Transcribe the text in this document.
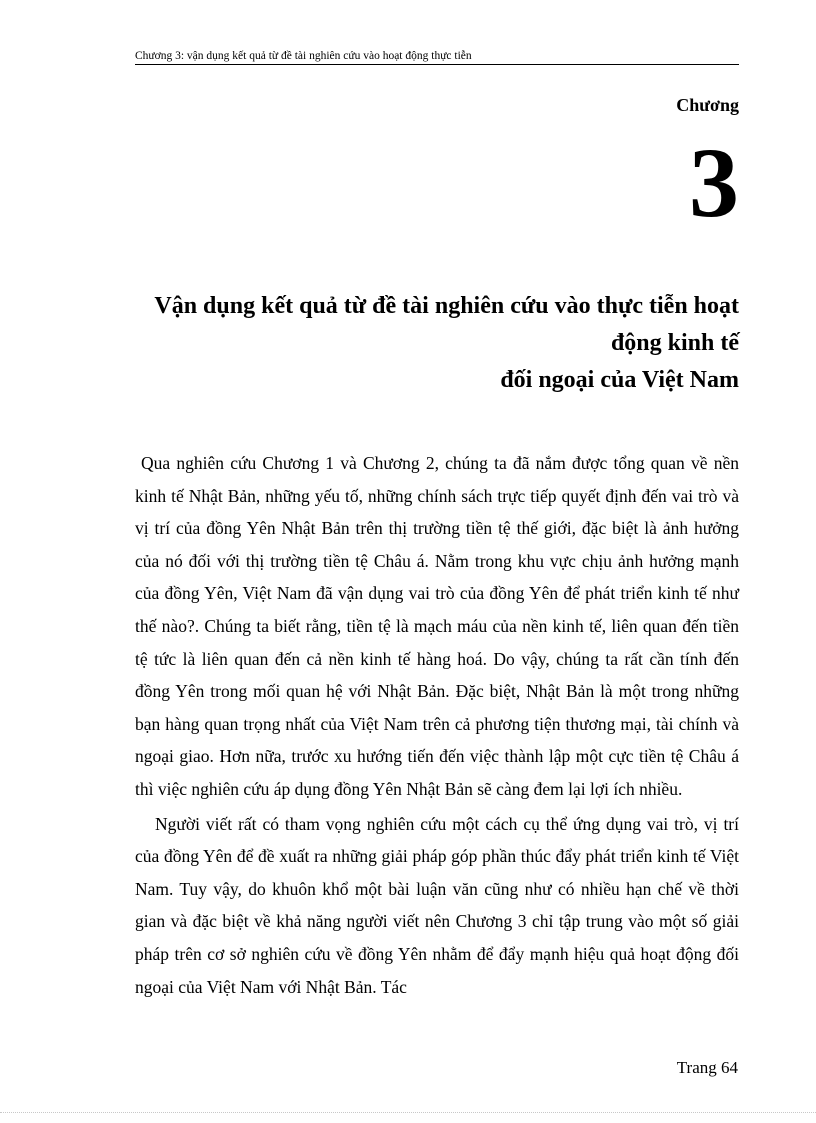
Chương 3: vận dụng kết quả từ đề tài nghiên cứu vào hoạt động thực tiễn
Chương
3
Vận dụng kết quả từ đề tài nghiên cứu vào thực tiễn hoạt
động kinh tế
đối ngoại của Việt Nam

Qua nghiên cứu Chương 1 và Chương 2, chúng ta đã nắm được tổng quan về nền kinh tế Nhật Bản, những yếu tố, những chính sách trực tiếp quyết định đến vai trò và vị trí của đồng Yên Nhật Bản trên thị trường tiền tệ thế giới, đặc biệt là ảnh hưởng của nó đối với thị trường tiền tệ Châu á. Nằm trong khu vực chịu ảnh hưởng mạnh của đồng Yên, Việt Nam đã vận dụng vai trò của đồng Yên để phát triển kinh tế như thế nào?. Chúng ta biết rằng, tiền tệ là mạch máu của nền kinh tế, liên quan đến tiền tệ tức là liên quan đến cả nền kinh tế hàng hoá. Do vậy, chúng ta rất cần tính đến đồng Yên trong mối quan hệ với Nhật Bản. Đặc biệt, Nhật Bản là một trong những bạn hàng quan trọng nhất của Việt Nam trên cả phương tiện thương mại, tài chính và ngoại giao. Hơn nữa, trước xu hướng tiến đến việc thành lập một cực tiền tệ Châu á thì việc nghiên cứu áp dụng đồng Yên Nhật Bản sẽ càng đem lại lợi ích nhiều.

Người viết rất có tham vọng nghiên cứu một cách cụ thể ứng dụng vai trò, vị trí của đồng Yên để đề xuất ra những giải pháp góp phần thúc đẩy phát triển kinh tế Việt Nam. Tuy vậy, do khuôn khổ một bài luận văn cũng như có nhiều hạn chế về thời gian và đặc biệt về khả năng người viết nên Chương 3 chỉ tập trung vào một số giải pháp trên cơ sở nghiên cứu về đồng Yên nhằm để đẩy mạnh hiệu quả hoạt động đối ngoại của Việt Nam với Nhật Bản. Tác

Trang 64
